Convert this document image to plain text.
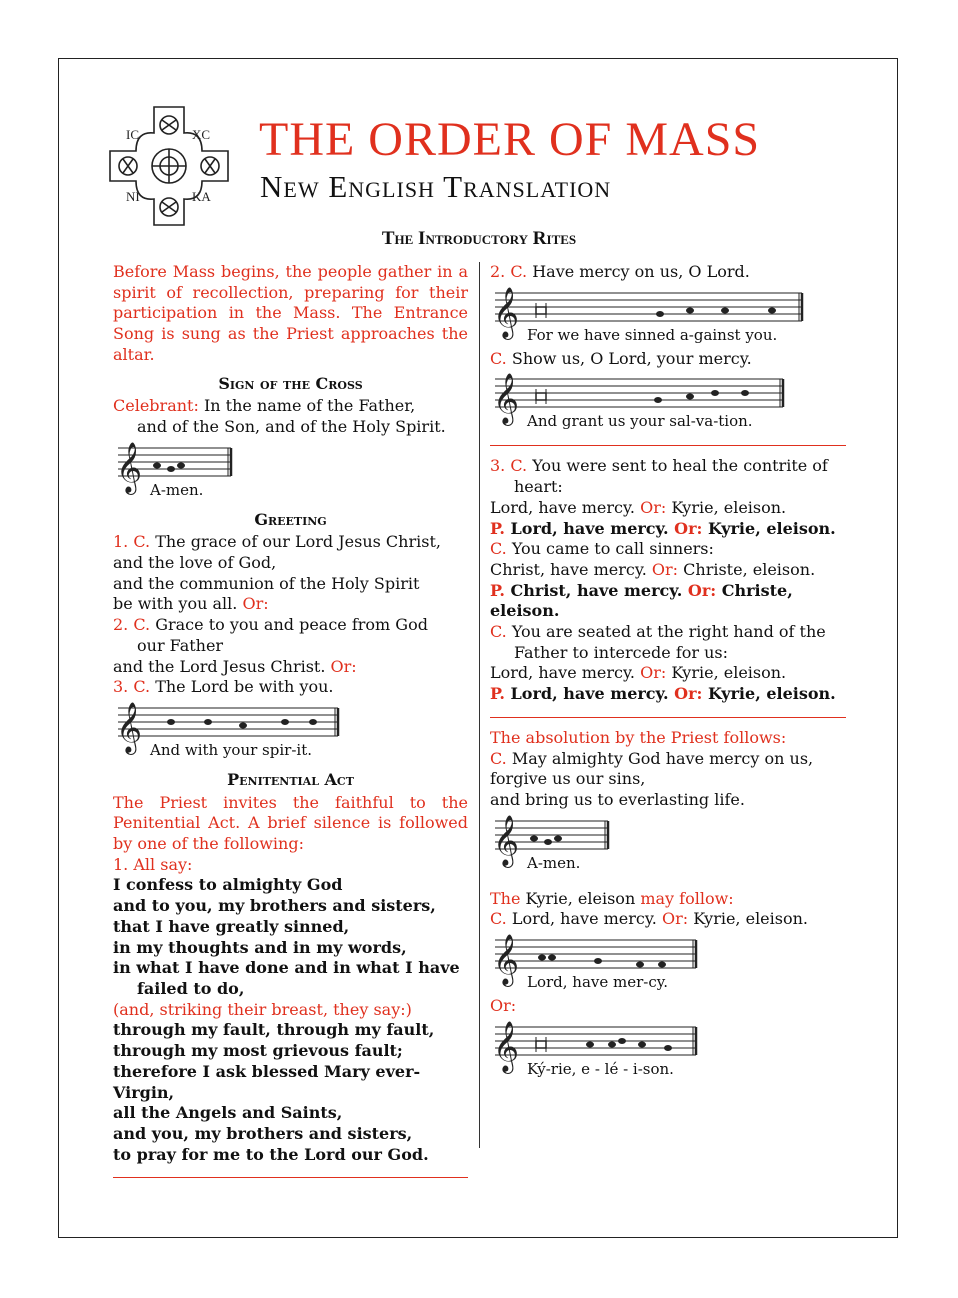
IC	XC
NI	KA
THE ORDER OF MASS
New English Translation
The Introductory Rites

Before Mass begins, the people gather in a spirit of recollection, preparing for their participation in the Mass. The Entrance Song is sung as the Priest approaches the altar.

Sign of the Cross

Celebrant: In the name of the Father,

and of the Son, and of the Holy Spirit.

𝄞 A-men.

Greeting

1. C. The grace of our Lord Jesus Christ,

and the love of God,

and the communion of the Holy Spirit

be with you all. Or:

2. C. Grace to you and peace from God

our Father

and the Lord Jesus Christ. Or:

3. C. The Lord be with you.

𝄞 And with your spir-it.

Penitential Act

The Priest invites the faithful to the Penitential Act. A brief silence is followed by one of the following:

1. All say:

I confess to almighty God

and to you, my brothers and sisters,

that I have greatly sinned,

in my thoughts and in my words,

in what I have done and in what I have failed to do,

(and, striking their breast, they say:)

through my fault, through my fault,

through my most grievous fault;

therefore I ask blessed Mary ever-Virgin,

all the Angels and Saints,

and you, my brothers and sisters,

to pray for me to the Lord our God.

2. C. Have mercy on us, O Lord.

𝄞 For we have sinned a-gainst you.

C. Show us, O Lord, your mercy.

𝄞 And grant us your sal-va-tion.

3. C. You were sent to heal the contrite of heart:

Lord, have mercy. Or: Kyrie, eleison.

P. Lord, have mercy. Or: Kyrie, eleison.

C. You came to call sinners:

Christ, have mercy. Or: Christe, eleison.

P. Christ, have mercy. Or: Christe, eleison.

C. You are seated at the right hand of the Father to intercede for us:

Lord, have mercy. Or: Kyrie, eleison.

P. Lord, have mercy. Or: Kyrie, eleison.

The absolution by the Priest follows:

C. May almighty God have mercy on us,

forgive us our sins,

and bring us to everlasting life.

𝄞 A-men.

The Kyrie, eleison may follow:

C. Lord, have mercy. Or: Kyrie, eleison.

𝄞 Lord, have mer-cy.

Or:

𝄞 Ký-rie, e - lé - i-son.
